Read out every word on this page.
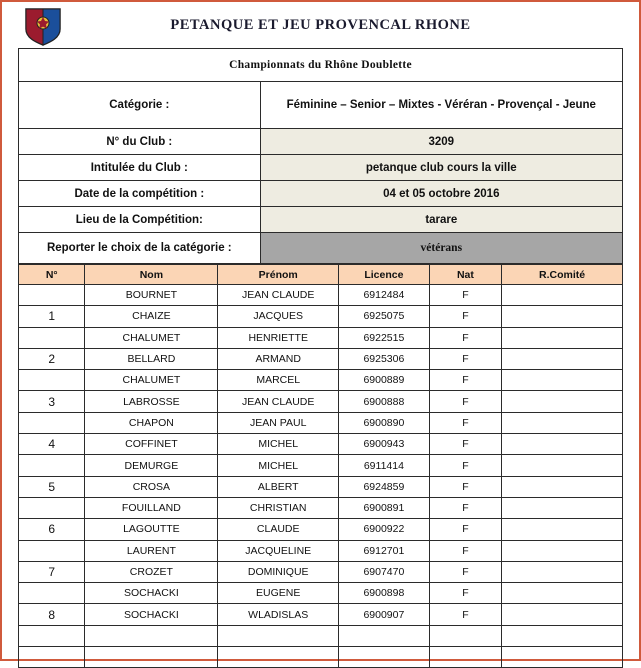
PETANQUE ET JEU PROVENCAL RHONE
Championnats du Rhône Doublette	
Catégorie :	Féminine – Senior – Mixtes - Véréran - Provençal - Jeune
N° du Club :	3209
Intitulée du Club :	petanque club cours la ville
Date de la compétition :	04 et 05 octobre 2016
Lieu de la Compétition:	tarare
Reporter le choix de la catégorie :	vétérans
N°	Nom	Prénom	Licence	Nat	R.Comité
	BOURNET	JEAN CLAUDE	6912484	F	
1	CHAIZE	JACQUES	6925075	F	
	CHALUMET	HENRIETTE	6922515	F	
2	BELLARD	ARMAND	6925306	F	
	CHALUMET	MARCEL	6900889	F	
3	LABROSSE	JEAN CLAUDE	6900888	F	
	CHAPON	JEAN PAUL	6900890	F	
4	COFFINET	MICHEL	6900943	F	
	DEMURGE	MICHEL	6911414	F	
5	CROSA	ALBERT	6924859	F	
	FOUILLAND	CHRISTIAN	6900891	F	
6	LAGOUTTE	CLAUDE	6900922	F	
	LAURENT	JACQUELINE	6912701	F	
7	CROZET	DOMINIQUE	6907470	F	
	SOCHACKI	EUGENE	6900898	F	
8	SOCHACKI	WLADISLAS	6900907	F	
